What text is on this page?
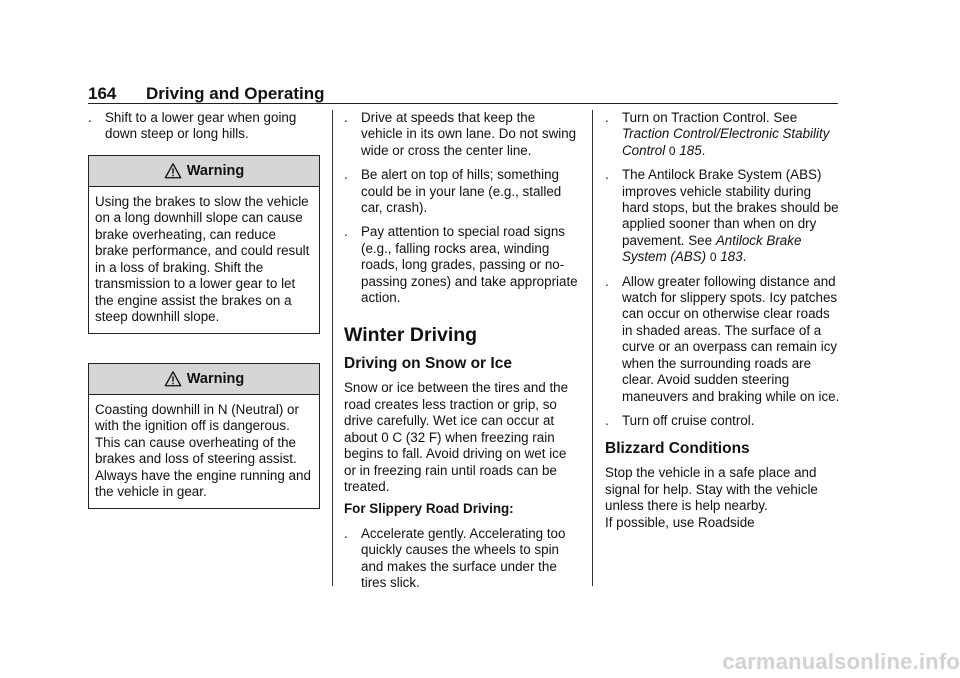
164 Driving and Operating
. Shift to a lower gear when going down steep or long hills.
Warning
Using the brakes to slow the vehicle on a long downhill slope can cause brake overheating, can reduce brake performance, and could result in a loss of braking. Shift the transmission to a lower gear to let the engine assist the brakes on a steep downhill slope.
Warning
Coasting downhill in N (Neutral) or with the ignition off is dangerous. This can cause overheating of the brakes and loss of steering assist. Always have the engine running and the vehicle in gear.
. Drive at speeds that keep the vehicle in its own lane. Do not swing wide or cross the center line.
. Be alert on top of hills; something could be in your lane (e.g., stalled car, crash).
. Pay attention to special road signs (e.g., falling rocks area, winding roads, long grades, passing or no-passing zones) and take appropriate action.
Winter Driving
Driving on Snow or Ice

Snow or ice between the tires and the road creates less traction or grip, so drive carefully. Wet ice can occur at about 0 C (32 F) when freezing rain begins to fall. Avoid driving on wet ice or in freezing rain until roads can be treated.

For Slippery Road Driving:
. Accelerate gently. Accelerating too quickly causes the wheels to spin and makes the surface under the tires slick.
. Turn on Traction Control. See Traction Control/Electronic Stability Control 0 185.
. The Antilock Brake System (ABS) improves vehicle stability during hard stops, but the brakes should be applied sooner than when on dry pavement. See Antilock Brake System (ABS) 0 183.
. Allow greater following distance and watch for slippery spots. Icy patches can occur on otherwise clear roads in shaded areas. The surface of a curve or an overpass can remain icy when the surrounding roads are clear. Avoid sudden steering maneuvers and braking while on ice.
. Turn off cruise control.
Blizzard Conditions

Stop the vehicle in a safe place and signal for help. Stay with the vehicle unless there is help nearby.

If possible, use Roadside

carmanualsonline.info
